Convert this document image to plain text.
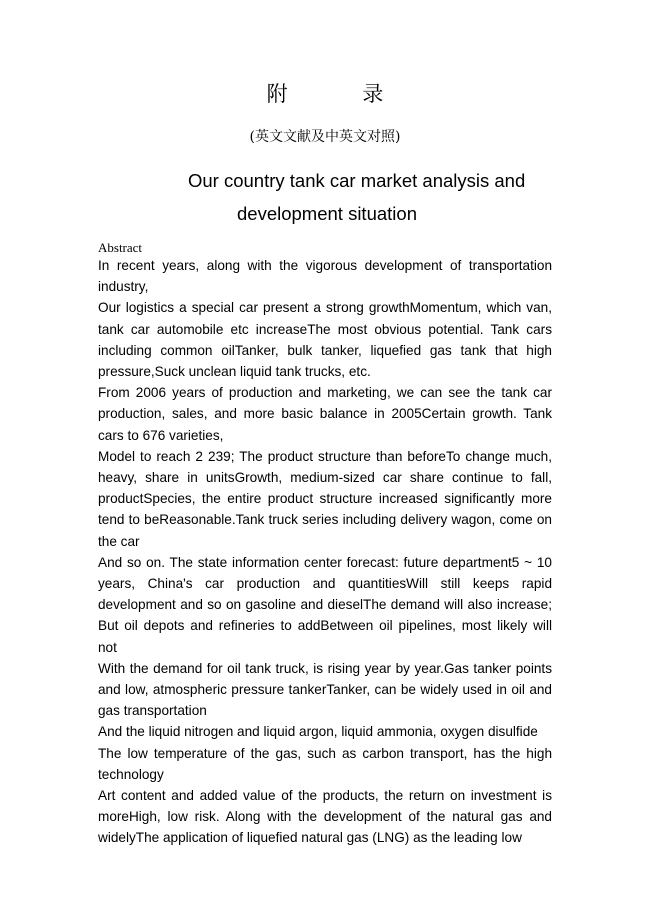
附 录
(英文文献及中英文对照)
Our country tank car market analysis and
development situation
Abstract

In recent years, along with the vigorous development of transportation industry,

Our logistics a special car present a strong growthMomentum, which van, tank car automobile etc increaseThe most obvious potential. Tank cars including common oilTanker, bulk tanker, liquefied gas tank that high pressure,Suck unclean liquid tank trucks, etc.

From 2006 years of production and marketing, we can see the tank car production, sales, and more basic balance in 2005Certain growth. Tank cars to 676 varieties,

Model to reach 2 239; The product structure than beforeTo change much, heavy, share in unitsGrowth, medium-sized car share continue to fall, productSpecies, the entire product structure increased significantly more tend to beReasonable.Tank truck series including delivery wagon, come on the car

And so on. The state information center forecast: future department5 ~ 10 years, China's car production and quantitiesWill still keeps rapid development and so on gasoline and dieselThe demand will also increase; But oil depots and refineries to addBetween oil pipelines, most likely will not

With the demand for oil tank truck, is rising year by year.Gas tanker points and low, atmospheric pressure tankerTanker, can be widely used in oil and gas transportation

And the liquid nitrogen and liquid argon, liquid ammonia, oxygen disulfide

The low temperature of the gas, such as carbon transport, has the high technology

Art content and added value of the products, the return on investment is moreHigh, low risk. Along with the development of the natural gas and widelyThe application of liquefied natural gas (LNG) as the leading low
